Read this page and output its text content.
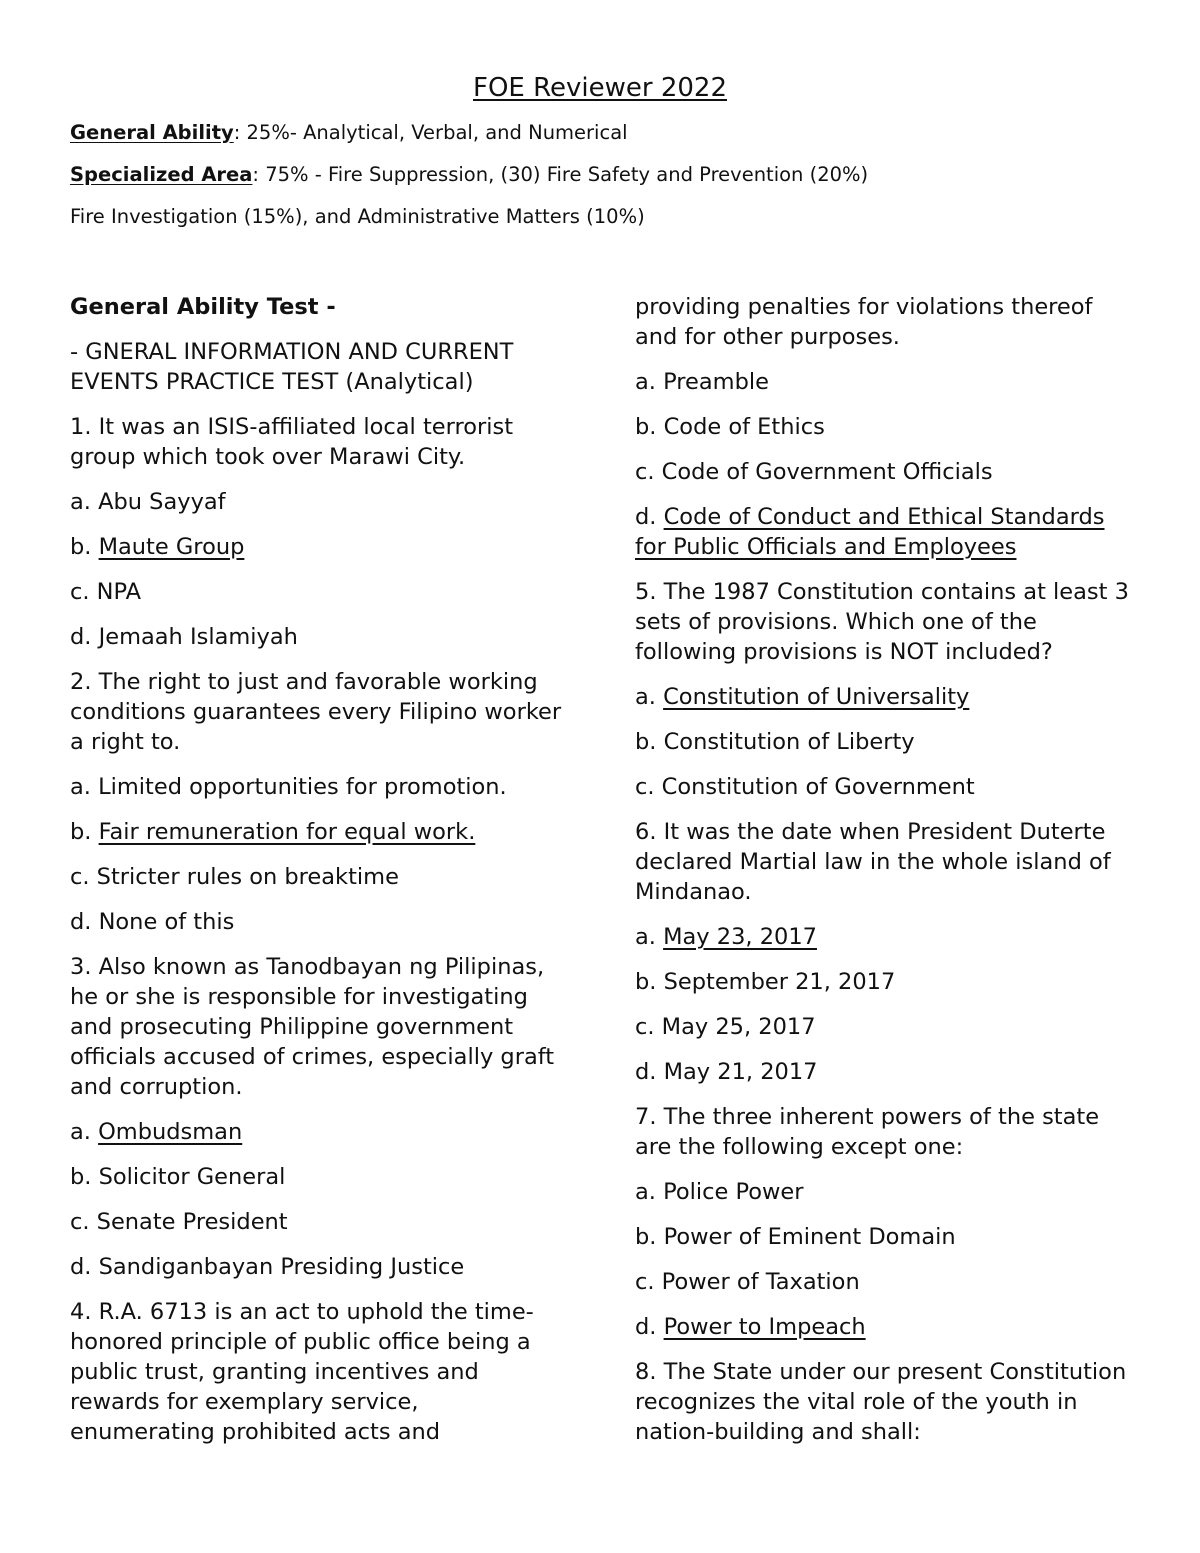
FOE Reviewer 2022
General Ability: 25%- Analytical, Verbal, and Numerical
Specialized Area: 75% - Fire Suppression, (30) Fire Safety and Prevention (20%)
Fire Investigation (15%), and Administrative Matters (10%)

General Ability Test -

- GNERAL INFORMATION AND CURRENT EVENTS PRACTICE TEST (Analytical)

1. It was an ISIS-affiliated local terrorist group which took over Marawi City.

a. Abu Sayyaf

b. Maute Group

c. NPA

d. Jemaah Islamiyah

2. The right to just and favorable working conditions guarantees every Filipino worker a right to.

a. Limited opportunities for promotion.

b. Fair remuneration for equal work.

c. Stricter rules on breaktime

d. None of this

3. Also known as Tanodbayan ng Pilipinas, he or she is responsible for investigating and prosecuting Philippine government officials accused of crimes, especially graft and corruption.

a. Ombudsman

b. Solicitor General

c. Senate President

d. Sandiganbayan Presiding Justice

4. R.A. 6713 is an act to uphold the time-honored principle of public office being a public trust, granting incentives and rewards for exemplary service, enumerating prohibited acts and

providing penalties for violations thereof and for other purposes.

a. Preamble

b. Code of Ethics

c. Code of Government Officials

d. Code of Conduct and Ethical Standards for Public Officials and Employees

5. The 1987 Constitution contains at least 3 sets of provisions. Which one of the following provisions is NOT included?

a. Constitution of Universality

b. Constitution of Liberty

c. Constitution of Government

6. It was the date when President Duterte declared Martial law in the whole island of Mindanao.

a. May 23, 2017

b. September 21, 2017

c. May 25, 2017

d. May 21, 2017

7. The three inherent powers of the state are the following except one:

a. Police Power

b. Power of Eminent Domain

c. Power of Taxation

d. Power to Impeach

8. The State under our present Constitution recognizes the vital role of the youth in nation-building and shall:
